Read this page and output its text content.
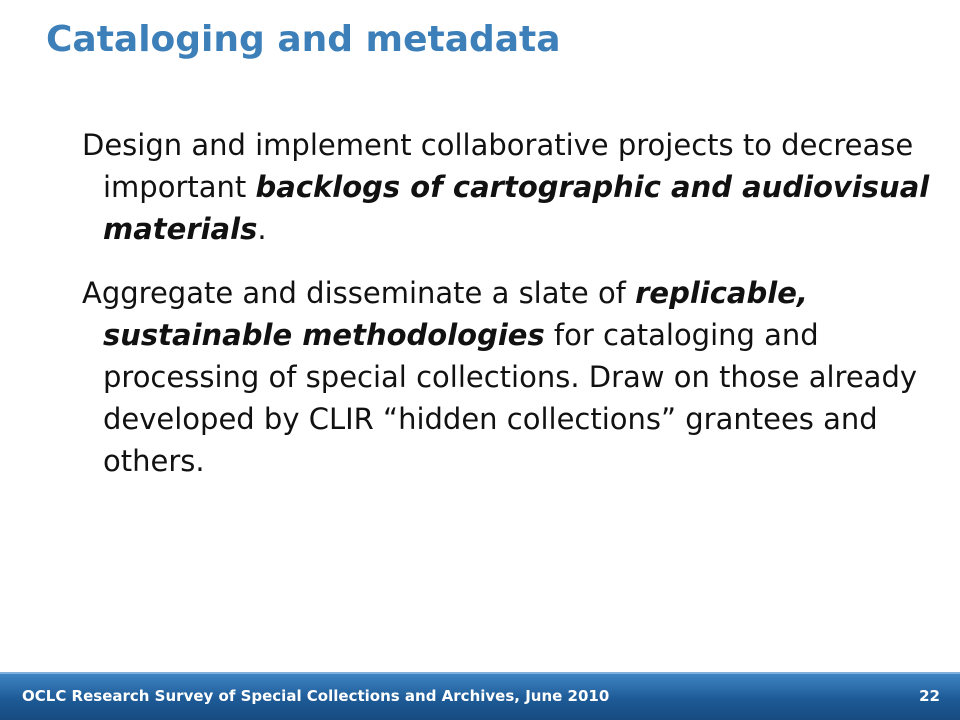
Cataloging and metadata

Design and implement collaborative projects to decrease important backlogs of cartographic and audiovisual materials.

Aggregate and disseminate a slate of replicable, sustainable methodologies for cataloging and processing of special collections. Draw on those already developed by CLIR “hidden collections” grantees and others.

OCLC Research Survey of Special Collections and Archives, June 2010	22
